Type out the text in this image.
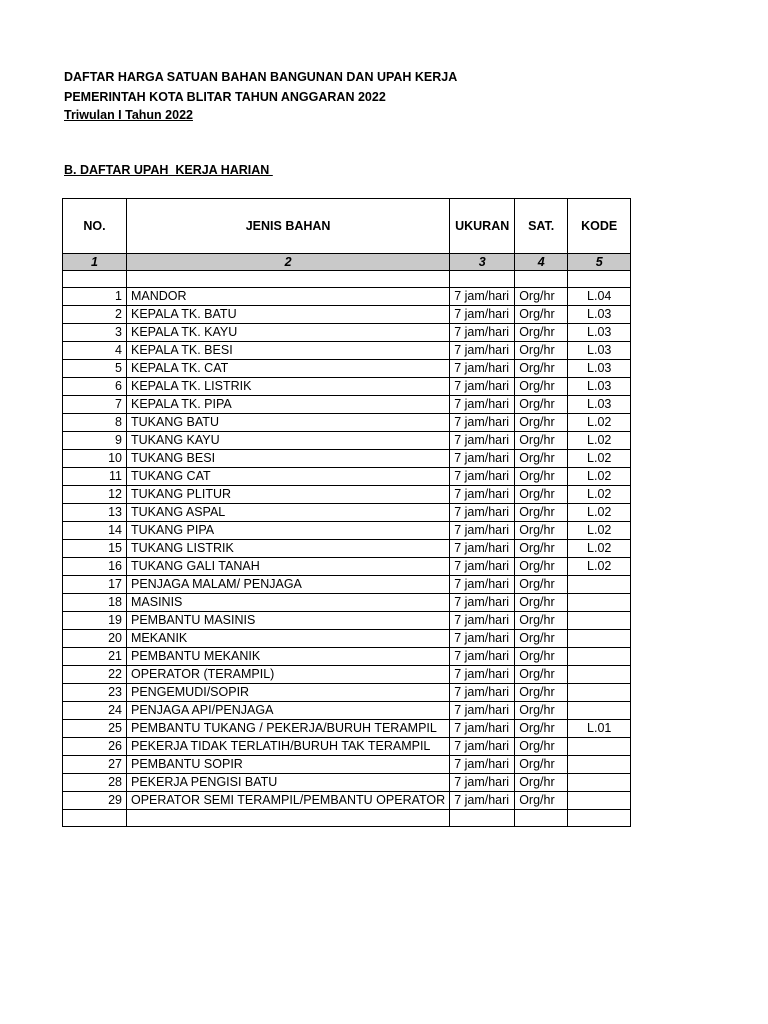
DAFTAR HARGA SATUAN BAHAN BANGUNAN DAN UPAH KERJA
PEMERINTAH KOTA BLITAR TAHUN ANGGARAN 2022
Triwulan I Tahun 2022
B. DAFTAR UPAH  KERJA HARIAN
NO.	JENIS BAHAN	UKURAN	SAT.	KODE
1	2	3	4	5

1	MANDOR	7 jam/hari	Org/hr	L.04
2	KEPALA TK. BATU	7 jam/hari	Org/hr	L.03
3	KEPALA TK. KAYU	7 jam/hari	Org/hr	L.03
4	KEPALA TK. BESI	7 jam/hari	Org/hr	L.03
5	KEPALA TK. CAT	7 jam/hari	Org/hr	L.03
6	KEPALA TK. LISTRIK	7 jam/hari	Org/hr	L.03
7	KEPALA TK. PIPA	7 jam/hari	Org/hr	L.03
8	TUKANG BATU	7 jam/hari	Org/hr	L.02
9	TUKANG KAYU	7 jam/hari	Org/hr	L.02
10	TUKANG BESI	7 jam/hari	Org/hr	L.02
11	TUKANG CAT	7 jam/hari	Org/hr	L.02
12	TUKANG PLITUR	7 jam/hari	Org/hr	L.02
13	TUKANG ASPAL	7 jam/hari	Org/hr	L.02
14	TUKANG PIPA	7 jam/hari	Org/hr	L.02
15	TUKANG LISTRIK	7 jam/hari	Org/hr	L.02
16	TUKANG GALI TANAH	7 jam/hari	Org/hr	L.02
17	PENJAGA MALAM/ PENJAGA	7 jam/hari	Org/hr	
18	MASINIS	7 jam/hari	Org/hr	
19	PEMBANTU MASINIS	7 jam/hari	Org/hr	
20	MEKANIK	7 jam/hari	Org/hr	
21	PEMBANTU MEKANIK	7 jam/hari	Org/hr	
22	OPERATOR (TERAMPIL)	7 jam/hari	Org/hr	
23	PENGEMUDI/SOPIR	7 jam/hari	Org/hr	
24	PENJAGA API/PENJAGA	7 jam/hari	Org/hr	
25	PEMBANTU TUKANG / PEKERJA/BURUH TERAMPIL	7 jam/hari	Org/hr	L.01
26	PEKERJA TIDAK TERLATIH/BURUH TAK TERAMPIL	7 jam/hari	Org/hr	
27	PEMBANTU SOPIR	7 jam/hari	Org/hr	
28	PEKERJA PENGISI BATU	7 jam/hari	Org/hr	
29	OPERATOR SEMI TERAMPIL/PEMBANTU OPERATOR	7 jam/hari	Org/hr	
